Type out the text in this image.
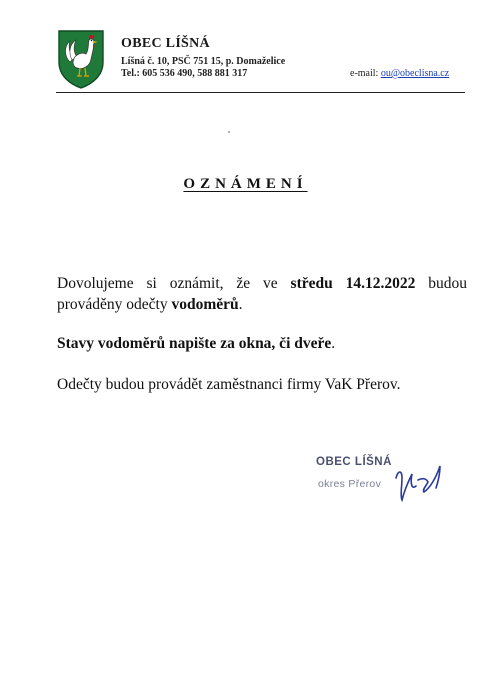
OBEC LÍŠNÁ
Líšná č. 10, PSČ 751 15, p. Domaželice
Tel.: 605 536 490, 588 881 317	e-mail: ou@obeclisna.cz
OZNÁMENÍ
Dovolujeme si oznámit, že ve středu 14.12.2022 budou prováděny odečty vodoměrů.
Stavy vodoměrů napište za okna, či dveře.
Odečty budou provádět zaměstnanci firmy VaK Přerov.
OBEC LÍŠNÁ
okres Přerov
